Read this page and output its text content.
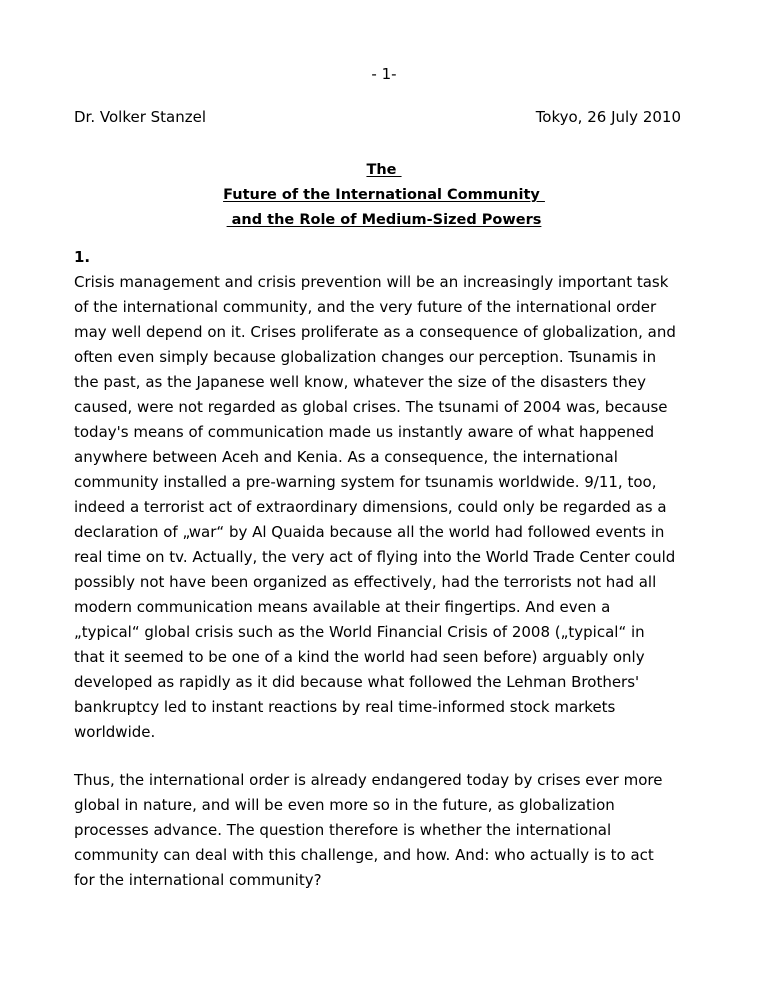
- 1-
Dr. Volker Stanzel	Tokyo, 26 July 2010
The
Future of the International Community
and the Role of Medium-Sized Powers
1.
Crisis management and crisis prevention will be an increasingly important task
of the international community, and the very future of the international order
may well depend on it. Crises proliferate as a consequence of globalization, and
often even simply because globalization changes our perception. Tsunamis in
the past, as the Japanese well know, whatever the size of the disasters they
caused, were not regarded as global crises. The tsunami of 2004 was, because
today's means of communication made us instantly aware of what happened
anywhere between Aceh and Kenia. As a consequence, the international
community installed a pre-warning system for tsunamis worldwide. 9/11, too,
indeed a terrorist act of extraordinary dimensions, could only be regarded as a
declaration of „war“ by Al Quaida because all the world had followed events in
real time on tv. Actually, the very act of flying into the World Trade Center could
possibly not have been organized as effectively, had the terrorists not had all
modern communication means available at their fingertips. And even a
„typical“ global crisis such as the World Financial Crisis of 2008 („typical“ in
that it seemed to be one of a kind the world had seen before) arguably only
developed as rapidly as it did because what followed the Lehman Brothers'
bankruptcy led to instant reactions by real time-informed stock markets
worldwide.
Thus, the international order is already endangered today by crises ever more
global in nature, and will be even more so in the future, as globalization
processes advance. The question therefore is whether the international
community can deal with this challenge, and how. And: who actually is to act
for the international community?
